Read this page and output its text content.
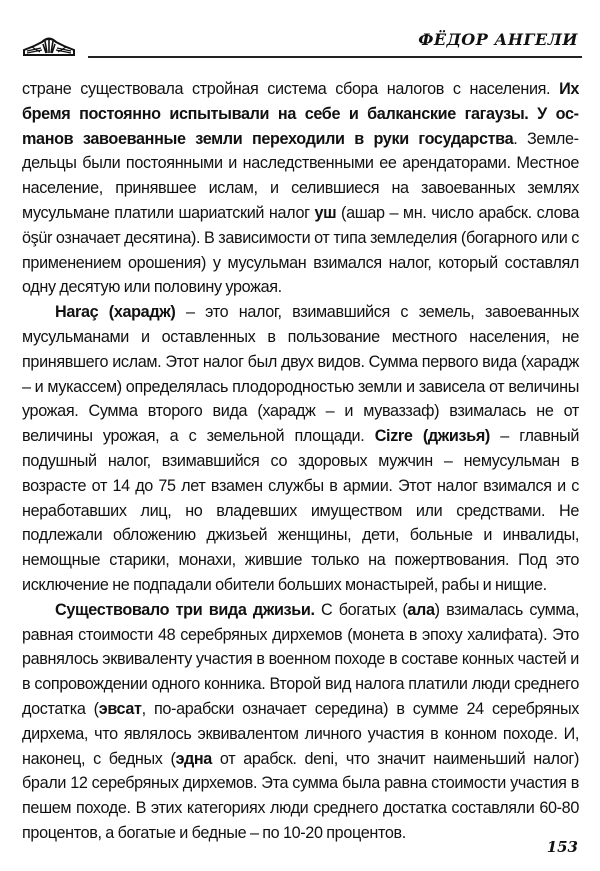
ФЁДОР АНГЕЛИ

стране существовала стройная система сбора налогов с населения. Их бремя постоянно испытывали на себе и балканские гагаузы. У осmанов завоеванные земли переходили в руки государства. Земледельцы были постоянными и наследственными ее арендаторами. Местное население, принявшее ислам, и селившиеся на завоеванных землях мусульмане платили шариатский налог уш (ашар – мн. число арабск. слова öşür означает десятина). В зависимости от типа земледелия (богарного или с применением орошения) у мусульман взимался налог, который составлял одну десятую или половину урожая.

Haraç (харадж) – это налог, взимавшийся с земель, завоеванных мусульманами и оставленных в пользование местного населения, не принявшего ислам. Этот налог был двух видов. Сумма первого вида (харадж – и мукассем) определялась плодородностью земли и зависела от величины урожая. Сумма второго вида (харадж – и муваззаф) взималась не от величины урожая, а с земельной площади. Cizre (джизья) – главный подушный налог, взимавшийся со здоровых мужчин – немусульман в возрасте от 14 до 75 лет взамен службы в армии. Этот налог взимался и с неработавших лиц, но владевших имуществом или средствами. Не подлежали обложению джизьей женщины, дети, больные и инвалиды, немощные старики, монахи, жившие только на пожертвования. Под это исключение не подпадали обители больших монастырей, рабы и нищие.

Существовало три вида джизьи. С богатых (ала) взималась сумма, равная стоимости 48 серебряных дирхемов (монета в эпоху халифата). Это равнялось эквиваленту участия в военном походе в составе конных частей и в сопровождении одного конника. Второй вид налога платили люди среднего достатка (эвсат, по-арабски означает середина) в сумме 24 серебряных дирхема, что являлось эквивалентом личного участия в конном походе. И, наконец, с бедных (эдна от арабск. deni, что значит наименьший налог) брали 12 серебряных дирхемов. Эта сумма была равна стоимости участия в пешем походе. В этих категориях люди среднего достатка составляли 60-80 процентов, а богатые и бедные – по 10-20 процентов.

153
